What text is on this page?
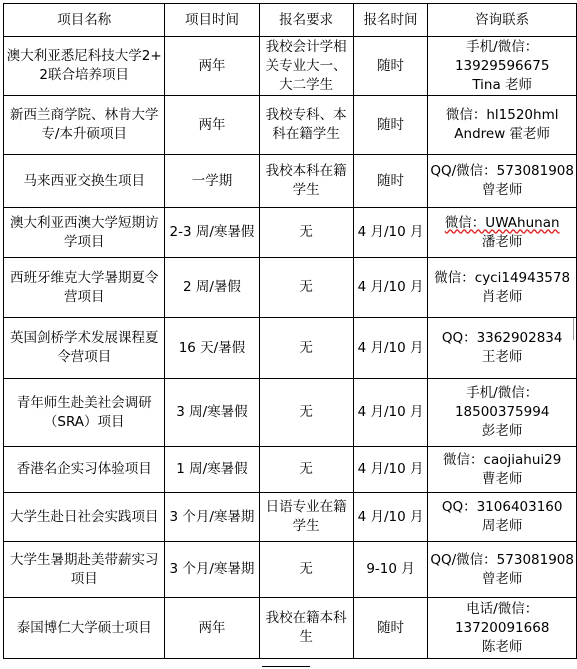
项目名称	项目时间	报名要求	报名时间	咨询联系
澳大利亚悉尼科技大学2+2联合培养项目	两年	我校会计学相关专业大一、大二学生	随时	手机/微信：
13929596675
Tina 老师

新西兰商学院、林肯大学专/本升硕项目	两年	我校专科、本科在籍学生	随时	微信：hl1520hml
Andrew 霍老师

马来西亚交换生项目	一学期	我校本科在籍学生	随时	QQ/微信：573081908
曾老师

澳大利亚西澳大学短期访学项目	2-3 周/寒暑假	无	4 月/10 月	微信：UWAhunan
潘老师

西班牙维克大学暑期夏令营项目	2 周/暑假	无	4 月/10 月	微信：cyci14943578
肖老师

英国剑桥学术发展课程夏令营项目	16 天/暑假	无	4 月/10 月	QQ：3362902834
王老师

青年师生赴美社会调研（SRA）项目	3 周/寒暑假	无	4 月/10 月	手机/微信：
18500375994
彭老师

香港名企实习体验项目	1 周/寒暑假	无	4 月/10 月	微信：caojiahui29
曹老师

大学生赴日社会实践项目	3 个月/寒暑期	日语专业在籍学生	4 月/10 月	QQ：3106403160
周老师

大学生暑期赴美带薪实习项目	3 个月/寒暑期	无	9-10 月	QQ/微信：573081908
曾老师

泰国博仁大学硕士项目	两年	我校在籍本科生	随时	电话/微信：
13720091668
陈老师
